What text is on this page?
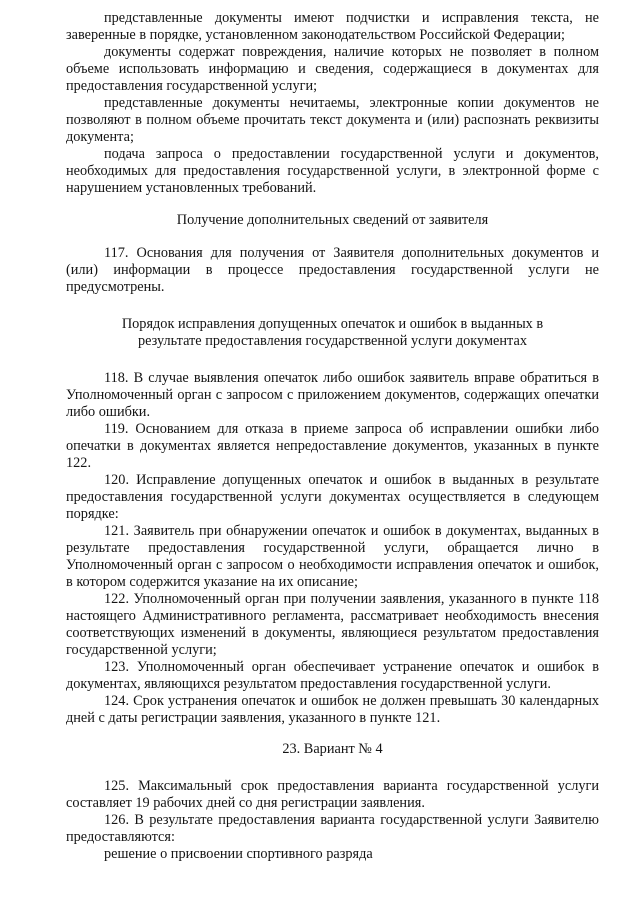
представленные документы имеют подчистки и исправления текста, не заверенные в порядке, установленном законодательством Российской Федерации;

документы содержат повреждения, наличие которых не позволяет в полном объеме использовать информацию и сведения, содержащиеся в документах для предоставления государственной услуги;

представленные документы нечитаемы, электронные копии документов не позволяют в полном объеме прочитать текст документа и (или) распознать реквизиты документа;

подача запроса о предоставлении государственной услуги и документов, необходимых для предоставления государственной услуги, в электронной форме с нарушением установленных требований.

Получение дополнительных сведений от заявителя

117. Основания для получения от Заявителя дополнительных документов и (или) информации в процессе предоставления государственной услуги не предусмотрены.

Порядок исправления допущенных опечаток и ошибок в выданных в

результате предоставления государственной услуги документах

118. В случае выявления опечаток либо ошибок заявитель вправе обратиться в Уполномоченный орган с запросом с приложением документов, содержащих опечатки либо ошибки.

119. Основанием для отказа в приеме запроса об исправлении ошибки либо опечатки в документах является непредоставление документов, указанных в пункте 122.

120. Исправление допущенных опечаток и ошибок в выданных в результате предоставления государственной услуги документах осуществляется в следующем порядке:

121. Заявитель при обнаружении опечаток и ошибок в документах, выданных в результате предоставления государственной услуги, обращается лично в Уполномоченный орган с запросом о необходимости исправления опечаток и ошибок, в котором содержится указание на их описание;

122. Уполномоченный орган при получении заявления, указанного в пункте 118 настоящего Административного регламента, рассматривает необходимость внесения соответствующих изменений в документы, являющиеся результатом предоставления государственной услуги;

123. Уполномоченный орган обеспечивает устранение опечаток и ошибок в документах, являющихся результатом предоставления государственной услуги.

124. Срок устранения опечаток и ошибок не должен превышать 30 календарных дней с даты регистрации заявления, указанного в пункте 121.

23. Вариант № 4

125. Максимальный срок предоставления варианта государственной услуги составляет 19 рабочих дней со дня регистрации заявления.

126. В результате предоставления варианта государственной услуги Заявителю предоставляются:

решение о присвоении спортивного разряда
